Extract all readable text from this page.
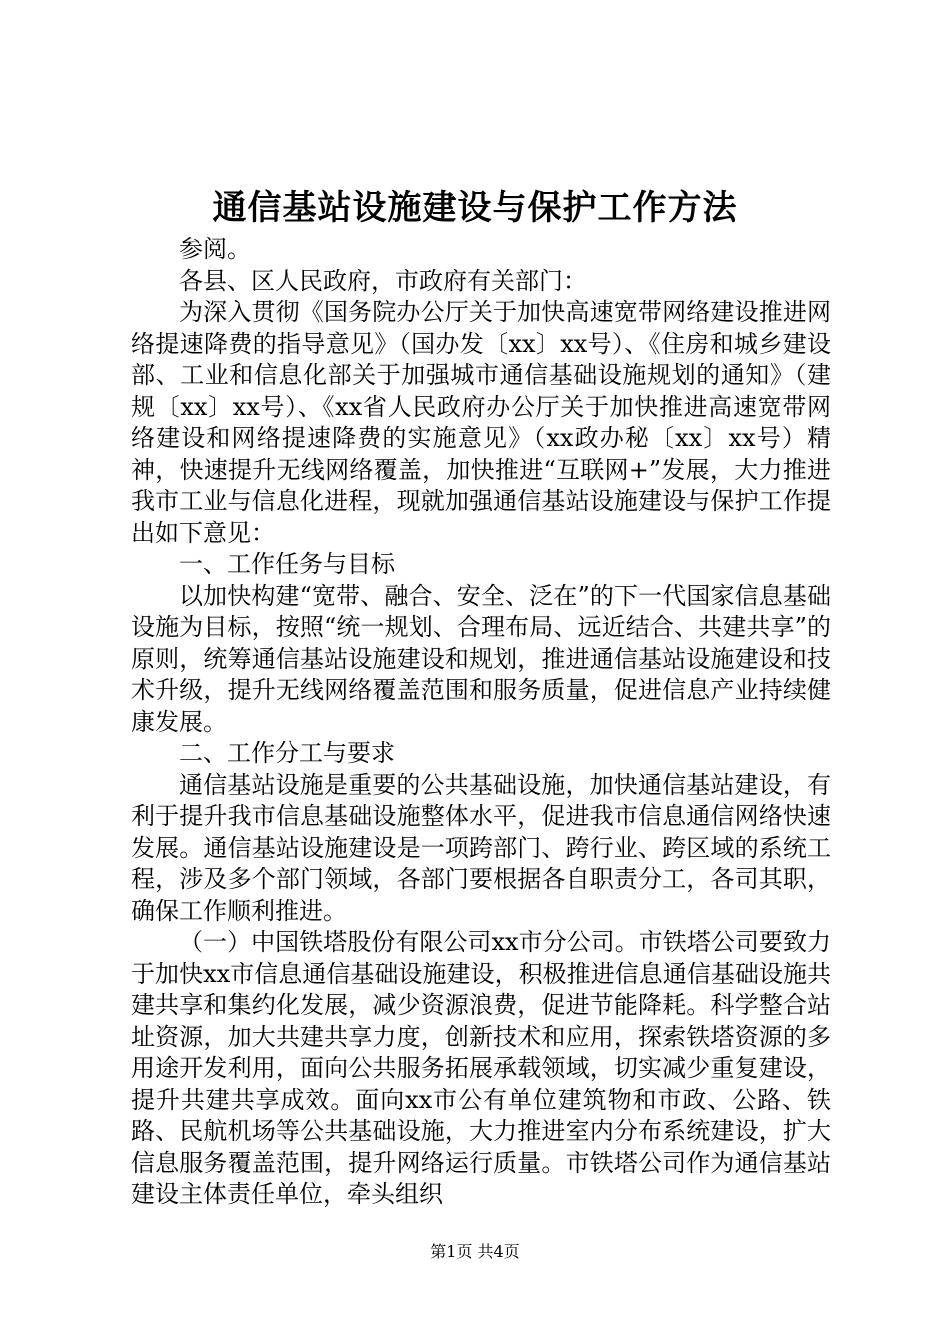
通信基站设施建设与保护工作方法

参阅。

各县、区人民政府，市政府有关部门：

为深入贯彻《国务院办公厅关于加快高速宽带网络建设推进网络提速降费的指导意见》（国办发〔xx〕xx号）、《住房和城乡建设部、工业和信息化部关于加强城市通信基础设施规划的通知》（建规〔xx〕xx号）、《xx省人民政府办公厅关于加快推进高速宽带网络建设和网络提速降费的实施意见》（xx政办秘〔xx〕xx号）精神，快速提升无线网络覆盖，加快推进“互联网+”发展，大力推进我市工业与信息化进程，现就加强通信基站设施建设与保护工作提出如下意见：

一、工作任务与目标

以加快构建“宽带、融合、安全、泛在”的下一代国家信息基础设施为目标，按照“统一规划、合理布局、远近结合、共建共享”的原则，统筹通信基站设施建设和规划，推进通信基站设施建设和技术升级，提升无线网络覆盖范围和服务质量，促进信息产业持续健康发展。

二、工作分工与要求

通信基站设施是重要的公共基础设施，加快通信基站建设，有利于提升我市信息基础设施整体水平，促进我市信息通信网络快速发展。通信基站设施建设是一项跨部门、跨行业、跨区域的系统工程，涉及多个部门领域，各部门要根据各自职责分工，各司其职，确保工作顺利推进。

（一）中国铁塔股份有限公司xx市分公司。市铁塔公司要致力于加快xx市信息通信基础设施建设，积极推进信息通信基础设施共建共享和集约化发展，减少资源浪费，促进节能降耗。科学整合站址资源，加大共建共享力度，创新技术和应用，探索铁塔资源的多用途开发利用，面向公共服务拓展承载领域，切实减少重复建设，提升共建共享成效。面向xx市公有单位建筑物和市政、公路、铁路、民航机场等公共基础设施，大力推进室内分布系统建设，扩大信息服务覆盖范围，提升网络运行质量。市铁塔公司作为通信基站建设主体责任单位，牵头组织

第1页 共4页
